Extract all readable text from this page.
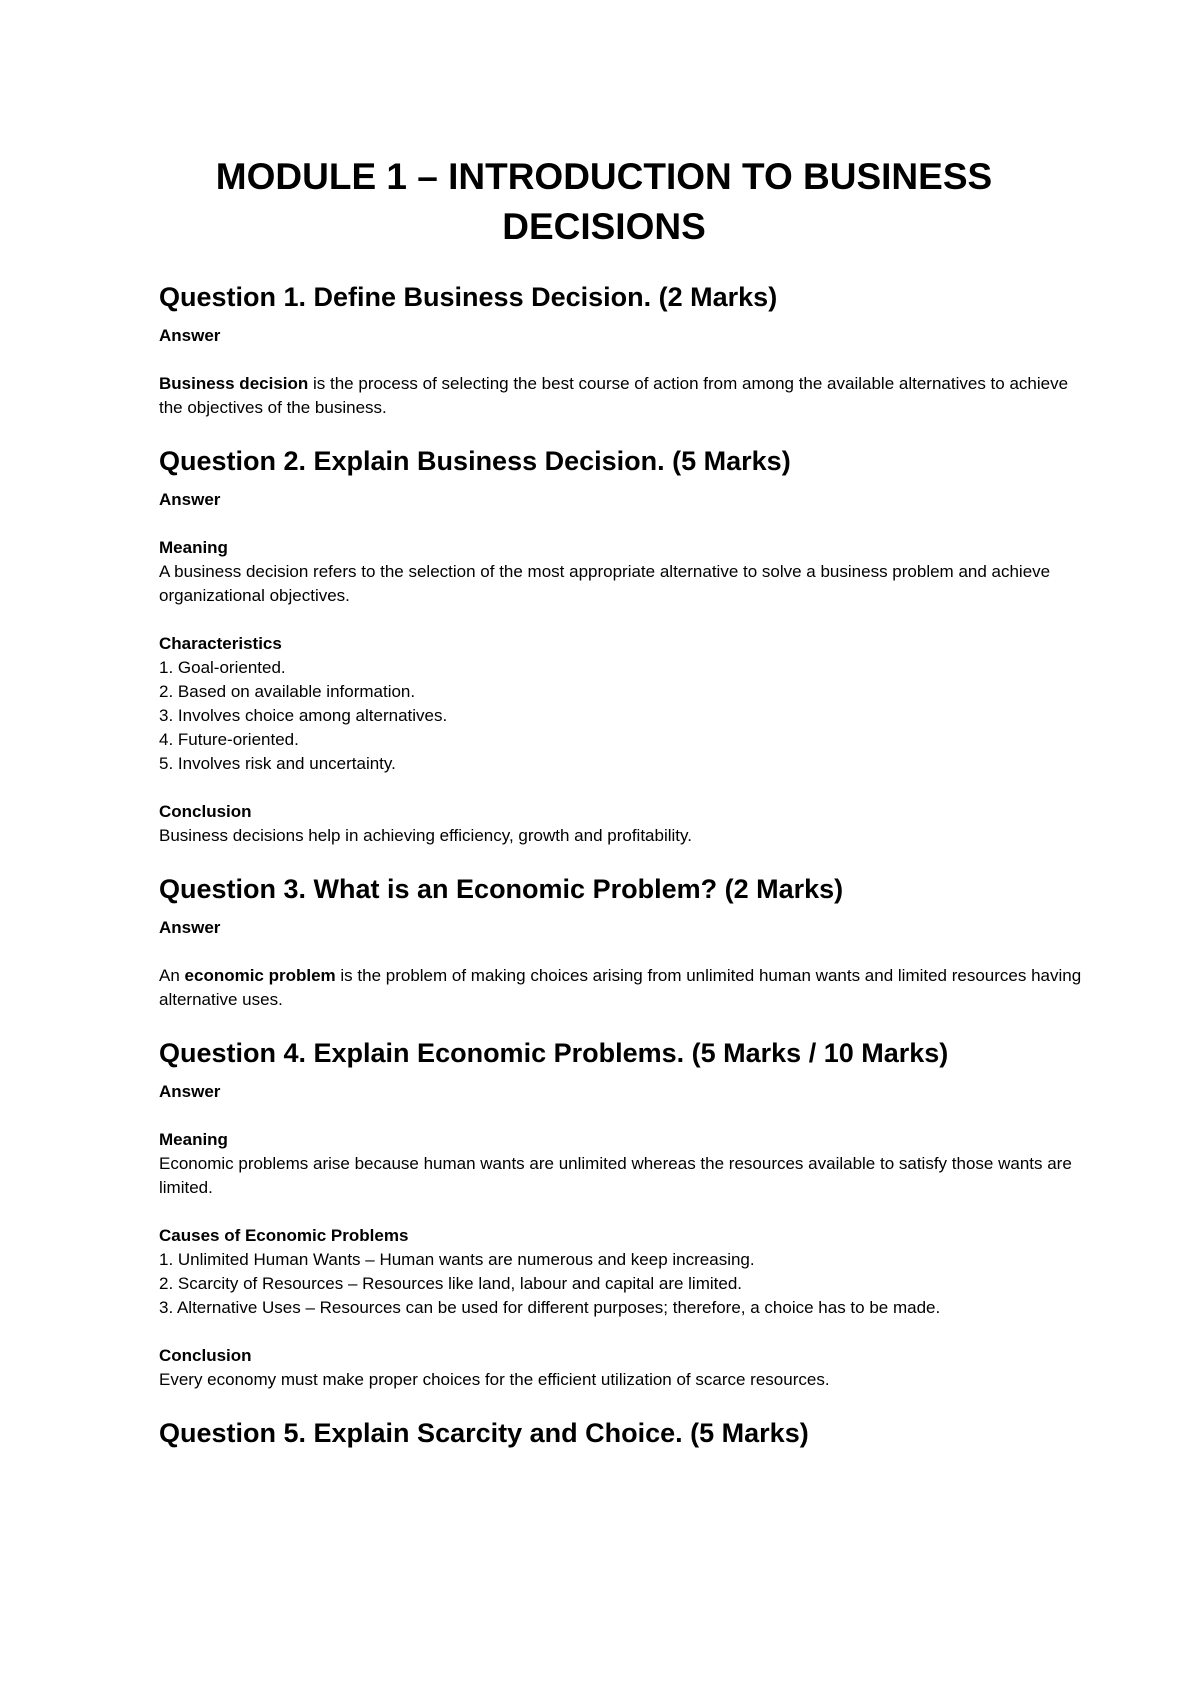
MODULE 1 – INTRODUCTION TO BUSINESS DECISIONS
Question 1. Define Business Decision. (2 Marks)

Answer

Business decision is the process of selecting the best course of action from among the available alternatives to achieve the objectives of the business.

Question 2. Explain Business Decision. (5 Marks)

Answer

Meaning

A business decision refers to the selection of the most appropriate alternative to solve a business problem and achieve organizational objectives.

Characteristics

1. Goal-oriented.
2. Based on available information.
3. Involves choice among alternatives.
4. Future-oriented.
5. Involves risk and uncertainty.

Conclusion

Business decisions help in achieving efficiency, growth and profitability.

Question 3. What is an Economic Problem? (2 Marks)

Answer

An economic problem is the problem of making choices arising from unlimited human wants and limited resources having alternative uses.

Question 4. Explain Economic Problems. (5 Marks / 10 Marks)

Answer

Meaning

Economic problems arise because human wants are unlimited whereas the resources available to satisfy those wants are limited.

Causes of Economic Problems

1. Unlimited Human Wants – Human wants are numerous and keep increasing.
2. Scarcity of Resources – Resources like land, labour and capital are limited.
3. Alternative Uses – Resources can be used for different purposes; therefore, a choice has to be made.

Conclusion

Every economy must make proper choices for the efficient utilization of scarce resources.

Question 5. Explain Scarcity and Choice. (5 Marks)
